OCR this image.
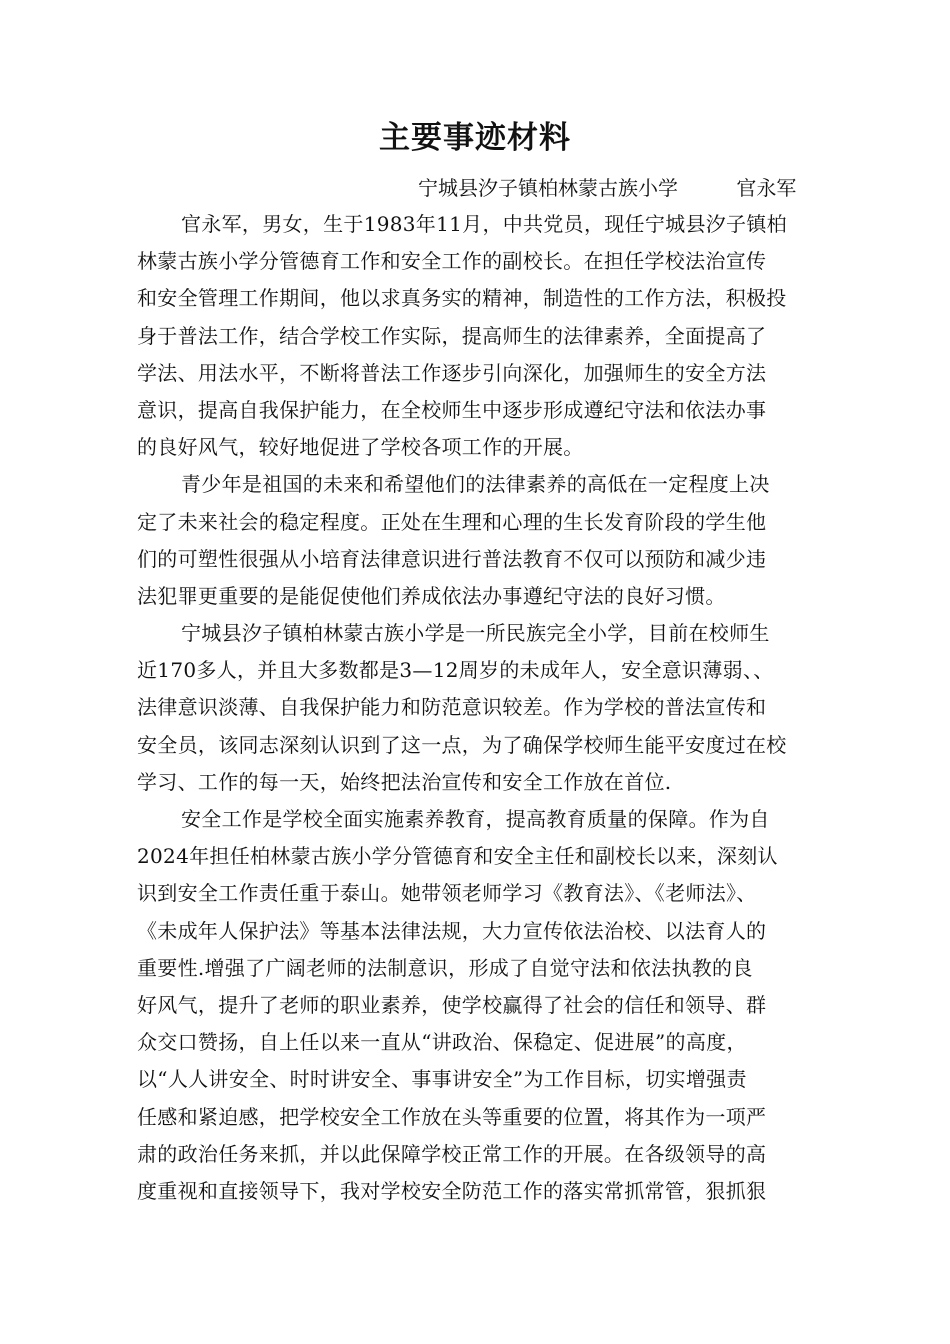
主要事迹材料
宁城县汐子镇柏林蒙古族小学	官永军
官永军，男女，生于1983年11月，中共党员，现任宁城县汐子镇柏
林蒙古族小学分管德育工作和安全工作的副校长。在担任学校法治宣传
和安全管理工作期间，他以求真务实的精神，制造性的工作方法，积极投
身于普法工作，结合学校工作实际，提高师生的法律素养，全面提高了
学法、用法水平，不断将普法工作逐步引向深化，加强师生的安全方法
意识，提高自我保护能力，在全校师生中逐步形成遵纪守法和依法办事
的良好风气，较好地促进了学校各项工作的开展。
青少年是祖国的未来和希望他们的法律素养的高低在一定程度上决
定了未来社会的稳定程度。正处在生理和心理的生长发育阶段的学生他
们的可塑性很强从小培育法律意识进行普法教育不仅可以预防和减少违
法犯罪更重要的是能促使他们养成依法办事遵纪守法的良好习惯。
宁城县汐子镇柏林蒙古族小学是一所民族完全小学，目前在校师生
近170多人，并且大多数都是3—12周岁的未成年人，安全意识薄弱、、
法律意识淡薄、自我保护能力和防范意识较差。作为学校的普法宣传和
安全员，该同志深刻认识到了这一点，为了确保学校师生能平安度过在校
学习、工作的每一天，始终把法治宣传和安全工作放在首位.
安全工作是学校全面实施素养教育，提高教育质量的保障。作为自
2024年担任柏林蒙古族小学分管德育和安全主任和副校长以来，深刻认
识到安全工作责任重于泰山。她带领老师学习《教育法》、《老师法》、
《未成年人保护法》等基本法律法规，大力宣传依法治校、以法育人的
重要性.增强了广阔老师的法制意识，形成了自觉守法和依法执教的良
好风气，提升了老师的职业素养，使学校赢得了社会的信任和领导、群
众交口赞扬，自上任以来一直从“讲政治、保稳定、促进展”的高度，
以“人人讲安全、时时讲安全、事事讲安全”为工作目标，切实增强责
任感和紧迫感，把学校安全工作放在头等重要的位置，将其作为一项严
肃的政治任务来抓，并以此保障学校正常工作的开展。在各级领导的高
度重视和直接领导下，我对学校安全防范工作的落实常抓常管，狠抓狠
